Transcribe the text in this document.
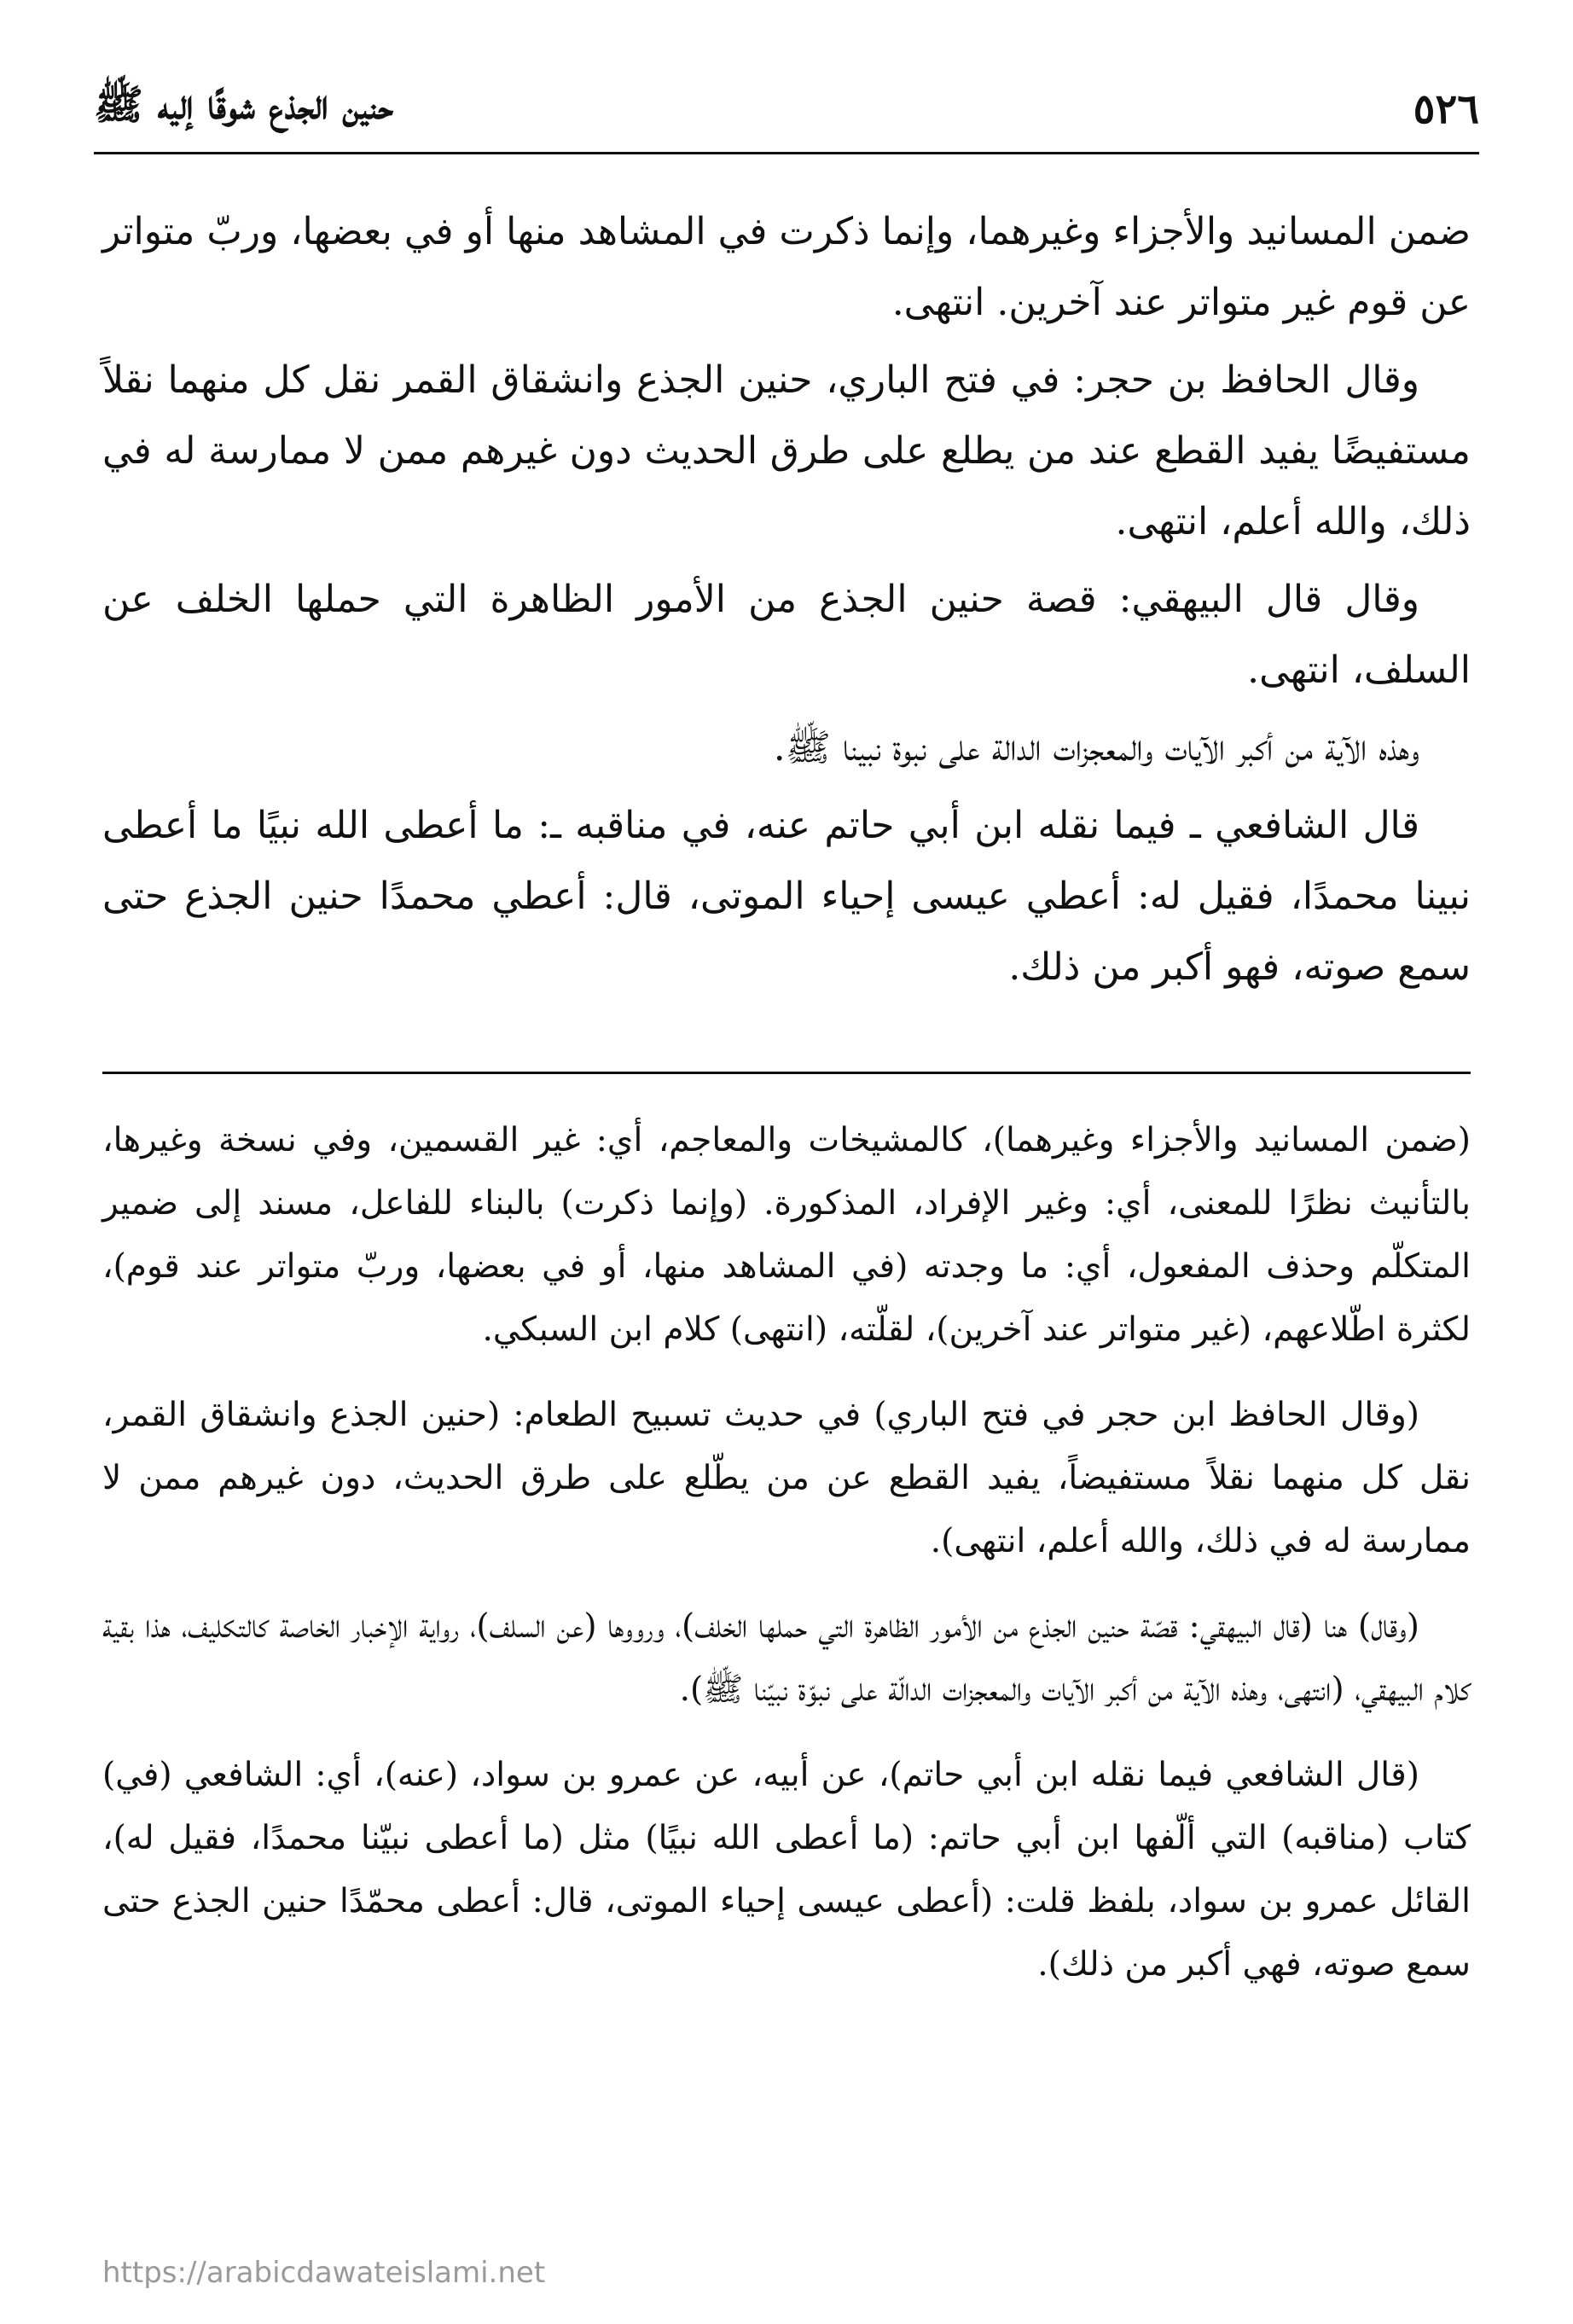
٥٢٦
حنين الجذع شوقًا إليه ﷺ

ضمن المسانيد والأجزاء وغيرهما، وإنما ذكرت في المشاهد منها أو في بعضها، وربّ متواتر عن قوم غير متواتر عند آخرين. انتهى.

وقال الحافظ بن حجر: في فتح الباري، حنين الجذع وانشقاق القمر نقل كل منهما نقلاً مستفيضًا يفيد القطع عند من يطلع على طرق الحديث دون غيرهم ممن لا ممارسة له في ذلك، والله أعلم، انتهى.

وقال قال البيهقي: قصة حنين الجذع من الأمور الظاهرة التي حملها الخلف عن السلف، انتهى.

وهذه الآية من أكبر الآيات والمعجزات الدالة على نبوة نبينا ﷺ.

قال الشافعي ـ فيما نقله ابن أبي حاتم عنه، في مناقبه ـ: ما أعطى الله نبيًا ما أعطى نبينا محمدًا، فقيل له: أعطي عيسى إحياء الموتى، قال: أعطي محمدًا حنين الجذع حتى سمع صوته، فهو أكبر من ذلك.

(ضمن المسانيد والأجزاء وغيرهما)، كالمشيخات والمعاجم، أي: غير القسمين، وفي نسخة وغيرها، بالتأنيث نظرًا للمعنى، أي: وغير الإفراد، المذكورة. (وإنما ذكرت) بالبناء للفاعل، مسند إلى ضمير المتكلّم وحذف المفعول، أي: ما وجدته (في المشاهد منها، أو في بعضها، وربّ متواتر عند قوم)، لكثرة اطّلاعهم، (غير متواتر عند آخرين)، لقلّته، (انتهى) كلام ابن السبكي.

(وقال الحافظ ابن حجر في فتح الباري) في حديث تسبيح الطعام: (حنين الجذع وانشقاق القمر، نقل كل منهما نقلاً مستفيضاً، يفيد القطع عن من يطّلع على طرق الحديث، دون غيرهم ممن لا ممارسة له في ذلك، والله أعلم، انتهى).

(وقال) هنا (قال البيهقي: قصّة حنين الجذع من الأمور الظاهرة التي حملها الخلف)، ورووها (عن السلف)، رواية الإخبار الخاصة كالتكليف، هذا بقية كلام البيهقي، (انتهى، وهذه الآية من أكبر الآيات والمعجزات الدالّة على نبوّة نبيّنا ﷺ).

(قال الشافعي فيما نقله ابن أبي حاتم)، عن أبيه، عن عمرو بن سواد، (عنه)، أي: الشافعي (في) كتاب (مناقبه) التي ألّفها ابن أبي حاتم: (ما أعطى الله نبيًا) مثل (ما أعطى نبيّنا محمدًا، فقيل له)، القائل عمرو بن سواد، بلفظ قلت: (أعطى عيسى إحياء الموتى، قال: أعطى محمّدًا حنين الجذع حتى سمع صوته، فهي أكبر من ذلك).

https://arabicdawateislami.net
